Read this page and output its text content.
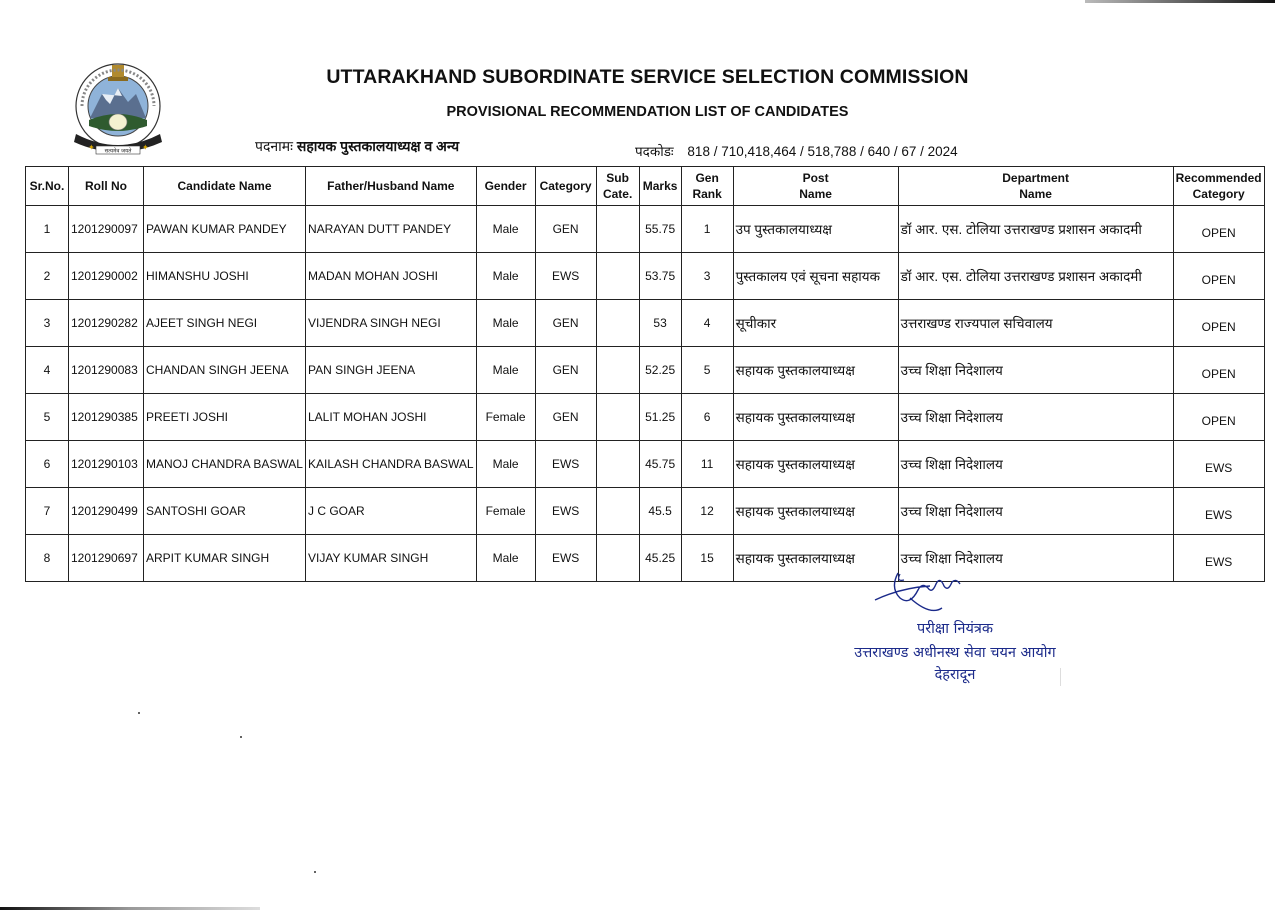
सत्यमेव जयते
✦	✦
UTTARAKHAND SUBORDINATE SERVICE SELECTION COMMISSION
PROVISIONAL RECOMMENDATION LIST OF CANDIDATES
पदनामः सहायक पुस्तकालयाध्यक्ष व अन्य	पदकोडः 818 / 710,418,464 / 518,788 / 640 / 67 / 2024
Sr.No.	Roll No	Candidate Name	Father/Husband Name	Gender	Category	Sub Cate.	Marks	Gen Rank	Post Name	Department Name	Recommended Category
1	1201290097	PAWAN KUMAR PANDEY	NARAYAN DUTT PANDEY	Male	GEN		55.75	1	उप पुस्तकालयाध्यक्ष	डॉ आर. एस. टोलिया उत्तराखण्ड प्रशासन अकादमी	OPEN
2	1201290002	HIMANSHU JOSHI	MADAN MOHAN JOSHI	Male	EWS		53.75	3	पुस्तकालय एवं सूचना सहायक	डॉ आर. एस. टोलिया उत्तराखण्ड प्रशासन अकादमी	OPEN
3	1201290282	AJEET SINGH NEGI	VIJENDRA SINGH NEGI	Male	GEN		53	4	सूचीकार	उत्तराखण्ड राज्यपाल सचिवालय	OPEN
4	1201290083	CHANDAN SINGH JEENA	PAN SINGH JEENA	Male	GEN		52.25	5	सहायक पुस्तकालयाध्यक्ष	उच्च शिक्षा निदेशालय	OPEN
5	1201290385	PREETI JOSHI	LALIT MOHAN JOSHI	Female	GEN		51.25	6	सहायक पुस्तकालयाध्यक्ष	उच्च शिक्षा निदेशालय	OPEN
6	1201290103	MANOJ CHANDRA BASWAL	KAILASH CHANDRA BASWAL	Male	EWS		45.75	11	सहायक पुस्तकालयाध्यक्ष	उच्च शिक्षा निदेशालय	EWS
7	1201290499	SANTOSHI GOAR	J C GOAR	Female	EWS		45.5	12	सहायक पुस्तकालयाध्यक्ष	उच्च शिक्षा निदेशालय	EWS
8	1201290697	ARPIT KUMAR SINGH	VIJAY KUMAR SINGH	Male	EWS		45.25	15	सहायक पुस्तकालयाध्यक्ष	उच्च शिक्षा निदेशालय	EWS
परीक्षा नियंत्रक
उत्तराखण्ड अधीनस्थ सेवा चयन आयोग
देहरादून
